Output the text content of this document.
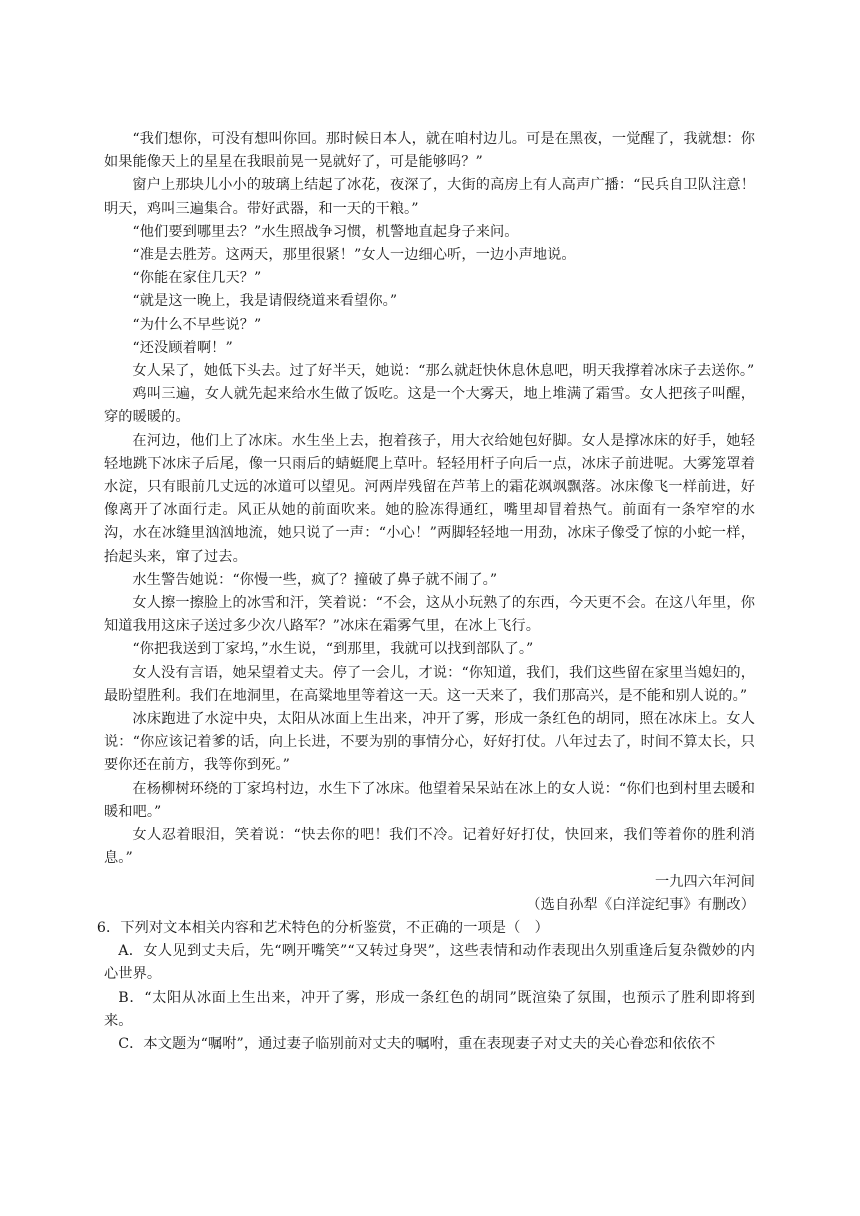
“我们想你，可没有想叫你回。那时候日本人，就在咱村边儿。可是在黑夜，一觉醒了，我就想：你如果能像天上的星星在我眼前晃一晃就好了，可是能够吗？”

窗户上那块儿小小的玻璃上结起了冰花，夜深了，大街的高房上有人高声广播：“民兵自卫队注意！明天，鸡叫三遍集合。带好武器，和一天的干粮。”

“他们要到哪里去？”水生照战争习惯，机警地直起身子来问。

“准是去胜芳。这两天，那里很紧！”女人一边细心听，一边小声地说。

“你能在家住几天？”

“就是这一晚上，我是请假绕道来看望你。”

“为什么不早些说？”

“还没顾着啊！”

女人呆了，她低下头去。过了好半天，她说：“那么就赶快休息休息吧，明天我撑着冰床子去送你。”

鸡叫三遍，女人就先起来给水生做了饭吃。这是一个大雾天，地上堆满了霜雪。女人把孩子叫醒，穿的暖暖的。

在河边，他们上了冰床。水生坐上去，抱着孩子，用大衣给她包好脚。女人是撑冰床的好手，她轻轻地跳下冰床子后尾，像一只雨后的蜻蜓爬上草叶。轻轻用杆子向后一点，冰床子前进呢。大雾笼罩着水淀，只有眼前几丈远的冰道可以望见。河两岸残留在芦苇上的霜花飒飒飘落。冰床像飞一样前进，好像离开了冰面行走。风正从她的前面吹来。她的脸冻得通红，嘴里却冒着热气。前面有一条窄窄的水沟，水在冰缝里汹汹地流，她只说了一声：“小心！”两脚轻轻地一用劲，冰床子像受了惊的小蛇一样，抬起头来，窜了过去。

水生警告她说：“你慢一些，疯了？撞破了鼻子就不闹了。”

女人擦一擦脸上的冰雪和汗，笑着说：“不会，这从小玩熟了的东西，今天更不会。在这八年里，你知道我用这床子送过多少次八路军？”冰床在霜雾气里，在冰上飞行。

“你把我送到丁家坞，”水生说，“到那里，我就可以找到部队了。”

女人没有言语，她呆望着丈夫。停了一会儿，才说：“你知道，我们，我们这些留在家里当媳妇的，最盼望胜利。我们在地洞里，在高粱地里等着这一天。这一天来了，我们那高兴，是不能和别人说的。”

冰床跑进了水淀中央，太阳从冰面上生出来，冲开了雾，形成一条红色的胡同，照在冰床上。女人说：“你应该记着爹的话，向上长进，不要为别的事情分心，好好打仗。八年过去了，时间不算太长，只要你还在前方，我等你到死。”

在杨柳树环绕的丁家坞村边，水生下了冰床。他望着呆呆站在冰上的女人说：“你们也到村里去暖和暖和吧。”

女人忍着眼泪，笑着说：“快去你的吧！我们不冷。记着好好打仗，快回来，我们等着你的胜利消息。”

一九四六年河间

（选自孙犁《白洋淀纪事》有删改）

6．下列对文本相关内容和艺术特色的分析鉴赏，不正确的一项是（　）

A．女人见到丈夫后，先“咧开嘴笑”“又转过身哭”，这些表情和动作表现出久别重逢后复杂微妙的内心世界。

B．“太阳从冰面上生出来，冲开了雾，形成一条红色的胡同”既渲染了氛围，也预示了胜利即将到来。

C．本文题为“嘱咐”，通过妻子临别前对丈夫的嘱咐，重在表现妻子对丈夫的关心眷恋和依依不
